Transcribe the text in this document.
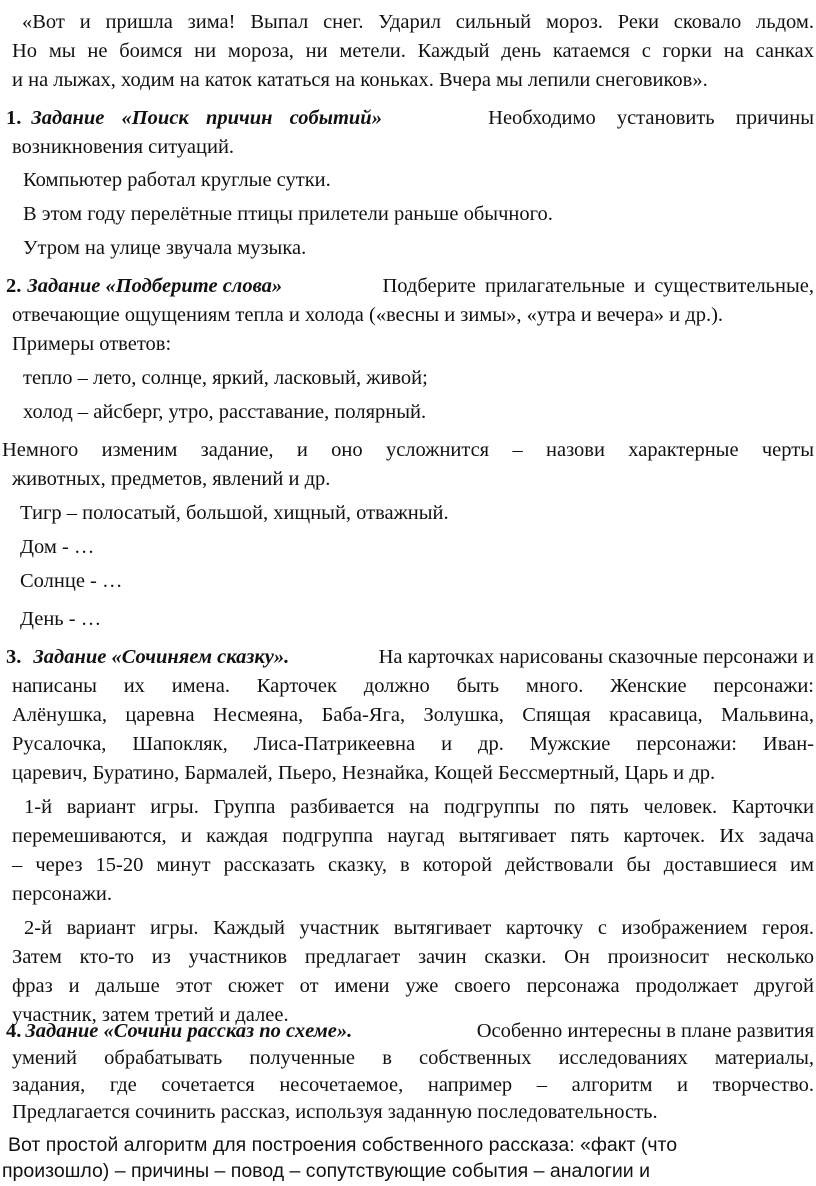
«Вот и пришла зима! Выпал снег. Ударил сильный мороз. Реки сковало льдом.

Но мы не боимся ни мороза, ни метели. Каждый день катаемся с горки на санках

и на лыжах, ходим на каток кататься на коньках. Вчера мы лепили снеговиков».

1. Задание «Поиск причин событий»	Необходимо установить причины

возникновения ситуаций.

Компьютер работал круглые сутки.

В этом году перелётные птицы прилетели раньше обычного.

Утром на улице звучала музыка.

2. Задание «Подберите слова»	Подберите прилагательные и существительные,

отвечающие ощущениям тепла и холода («весны и зимы», «утра и вечера» и др.).

Примеры ответов:

тепло – лето, солнце, яркий, ласковый, живой;

холод – айсберг, утро, расставание, полярный.

Немного изменим задание, и оно усложнится – назови характерные черты

животных, предметов, явлений и др.

Тигр – полосатый, большой, хищный, отважный.

Дом - …

Солнце - …

День - …

3. Задание «Сочиняем сказку».	На карточках нарисованы сказочные персонажи и

написаны их имена. Карточек должно быть много. Женские персонажи:

Алёнушка, царевна Несмеяна, Баба-Яга, Золушка, Спящая красавица, Мальвина,

Русалочка, Шапокляк, Лиса-Патрикеевна и др. Мужские персонажи: Иван-

царевич, Буратино, Бармалей, Пьеро, Незнайка, Кощей Бессмертный, Царь и др.

1-й вариант игры. Группа разбивается на подгруппы по пять человек. Карточки

перемешиваются, и каждая подгруппа наугад вытягивает пять карточек. Их задача

– через 15-20 минут рассказать сказку, в которой действовали бы доставшиеся им

персонажи.

2-й вариант игры. Каждый участник вытягивает карточку с изображением героя.

Затем кто-то из участников предлагает зачин сказки. Он произносит несколько

фраз и дальше этот сюжет от имени уже своего персонажа продолжает другой

участник, затем третий и далее.

4. Задание «Сочини рассказ по схеме».	Особенно интересны в плане развития

умений обрабатывать полученные в собственных исследованиях материалы,

задания, где сочетается несочетаемое, например – алгоритм и творчество.

Предлагается сочинить рассказ, используя заданную последовательность.

Вот простой алгоритм для построения собственного рассказа: «факт (что

произошло) – причины – повод – сопутствующие события – аналогии и
